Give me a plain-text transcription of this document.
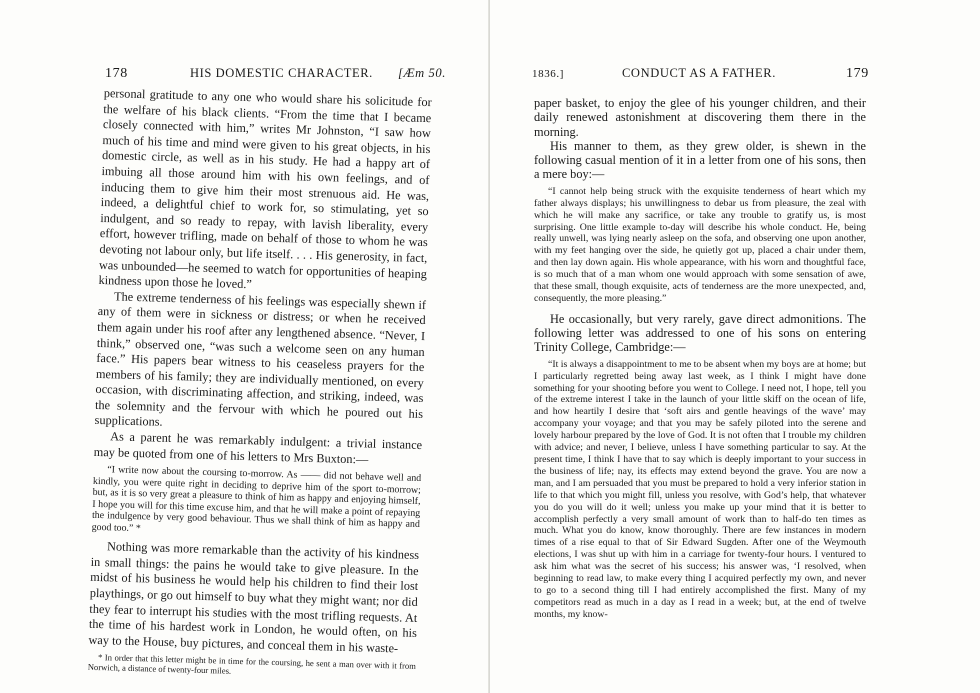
178	HIS DOMESTIC CHARACTER. [Æт 50.

personal gratitude to any one who would share his solicitude for the welfare of his black clients. “From the time that I became closely connected with him,” writes Mr Johnston, “I saw how much of his time and mind were given to his great objects, in his domestic circle, as well as in his study. He had a happy art of imbuing all those around him with his own feelings, and of inducing them to give him their most strenuous aid. He was, indeed, a delightful chief to work for, so stimulating, yet so indulgent, and so ready to repay, with lavish liberality, every effort, however trifling, made on behalf of those to whom he was devoting not labour only, but life itself. . . . His generosity, in fact, was unbounded—he seemed to watch for opportunities of heaping kindness upon those he loved.”

The extreme tenderness of his feelings was especially shewn if any of them were in sickness or distress; or when he received them again under his roof after any lengthened absence. “Never, I think,” observed one, “was such a welcome seen on any human face.” His papers bear witness to his ceaseless prayers for the members of his family; they are individually mentioned, on every occasion, with discriminating affection, and striking, indeed, was the solemnity and the fervour with which he poured out his supplications.

As a parent he was remarkably indulgent: a trivial instance may be quoted from one of his letters to Mrs Buxton:—

“I write now about the coursing to-morrow. As —— did not behave well and kindly, you were quite right in deciding to deprive him of the sport to-morrow; but, as it is so very great a pleasure to think of him as happy and enjoying himself, I hope you will for this time excuse him, and that he will make a point of repaying the indulgence by very good behaviour. Thus we shall think of him as happy and good too.” *

Nothing was more remarkable than the activity of his kindness in small things: the pains he would take to give pleasure. In the midst of his business he would help his children to find their lost playthings, or go out himself to buy what they might want; nor did they fear to interrupt his studies with the most trifling requests. At the time of his hardest work in London, he would often, on his way to the House, buy pictures, and conceal them in his waste-

* In order that this letter might be in time for the coursing, he sent a man over with it from Norwich, a distance of twenty-four miles.

1836.]	CONDUCT AS A FATHER.	179

paper basket, to enjoy the glee of his younger children, and their daily renewed astonishment at discovering them there in the morning.

His manner to them, as they grew older, is shewn in the following casual mention of it in a letter from one of his sons, then a mere boy:—

“I cannot help being struck with the exquisite tenderness of heart which my father always displays; his unwillingness to debar us from pleasure, the zeal with which he will make any sacrifice, or take any trouble to gratify us, is most surprising. One little example to-day will describe his whole conduct. He, being really unwell, was lying nearly asleep on the sofa, and observing one upon another, with my feet hanging over the side, he quietly got up, placed a chair under them, and then lay down again. His whole appearance, with his worn and thoughtful face, is so much that of a man whom one would approach with some sensation of awe, that these small, though exquisite, acts of tenderness are the more unexpected, and, consequently, the more pleasing.”

He occasionally, but very rarely, gave direct admonitions. The following letter was addressed to one of his sons on entering Trinity College, Cambridge:—

“It is always a disappointment to me to be absent when my boys are at home; but I particularly regretted being away last week, as I think I might have done something for your shooting before you went to College. I need not, I hope, tell you of the extreme interest I take in the launch of your little skiff on the ocean of life, and how heartily I desire that ‘soft airs and gentle heavings of the wave’ may accompany your voyage; and that you may be safely piloted into the serene and lovely harbour prepared by the love of God. It is not often that I trouble my children with advice; and never, I believe, unless I have something particular to say. At the present time, I think I have that to say which is deeply important to your success in the business of life; nay, its effects may extend beyond the grave. You are now a man, and I am persuaded that you must be prepared to hold a very inferior station in life to that which you might fill, unless you resolve, with God’s help, that whatever you do you will do it well; unless you make up your mind that it is better to accomplish perfectly a very small amount of work than to half-do ten times as much. What you do know, know thoroughly. There are few instances in modern times of a rise equal to that of Sir Edward Sugden. After one of the Weymouth elections, I was shut up with him in a carriage for twenty-four hours. I ventured to ask him what was the secret of his success; his answer was, ‘I resolved, when beginning to read law, to make every thing I acquired perfectly my own, and never to go to a second thing till I had entirely accomplished the first. Many of my competitors read as much in a day as I read in a week; but, at the end of twelve months, my know-
